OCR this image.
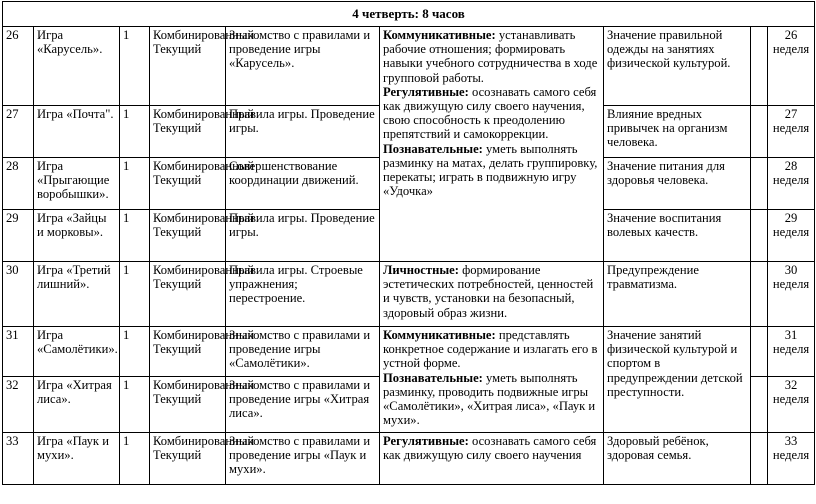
4 четверть: 8 часов								
26	Игра «Карусель».	1	Комбинированный Текущий	Знакомство с правилами и проведение игры «Карусель».	Коммуникативные: устанавливать рабочие отношения; формировать навыки учебного сотрудничества в ходе групповой работы.
Регулятивные: осознавать самого себя как движущую силу своего научения, свою способность к преодолению препятствий и самокоррекции.
Познавательные: уметь выполнять разминку на матах, делать группировку, перекаты; играть в подвижную игру «Удочка»	Значение правильной одежды на занятиях физической культурой.		26
неделя

27	Игра «Почта".	1	Комбинированный Текущий	Правила игры. Проведение игры.		Влияние вредных привычек на организм человека.		27
неделя

28	Игра «Прыгающие воробышки».	1	Комбинированный Текущий	Совершенствование координации движений.		Значение питания для здоровья человека.		28
неделя

29	Игра «Зайцы и морковы».	1	Комбинированный Текущий	Правила игры. Проведение игры.		Значение воспитания волевых качеств.		29
неделя

30	Игра «Третий лишний».	1	Комбинированный Текущий	Правила игры. Строевые упражнения; перестроение.	Личностные: формирование эстетических потребностей, ценностей и чувств, установки на безопасный, здоровый образ жизни.	Предупреждение травматизма.		30
неделя

31	Игра «Самолётики».	1	Комбинированный Текущий	Знакомство с правилами и проведение игры «Самолётики».	Коммуникативные: представлять конкретное содержание и излагать его в устной форме.
Познавательные: уметь выполнять разминку, проводить подвижные игры «Самолётики», «Хитрая лиса», «Паук и мухи».	Значение занятий физической культурой и спортом в предупреждении детской преступности.		31
неделя

32	Игра «Хитрая лиса».	1	Комбинированный Текущий	Знакомство с правилами и проведение игры «Хитрая лиса».				32
неделя

33	Игра «Паук и мухи».	1	Комбинированный Текущий	Знакомство с правилами и проведение игры «Паук и мухи».	Регулятивные: осознавать самого себя как движущую силу своего научения	Здоровый ребёнок, здоровая семья.		33
неделя
